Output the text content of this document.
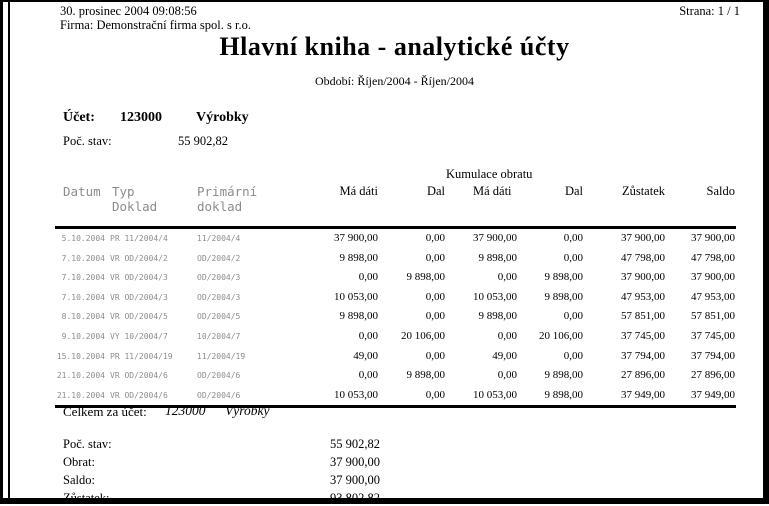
30. prosinec 2004 09:08:56	Strana: 1 / 1
Firma: Demonstrační firma spol. s r.o.
Hlavní kniha - analytické účty
Období: Říjen/2004 - Říjen/2004
Účet: 123000 Výrobky
Poč. stav:	55 902,82
					Kumulace obratu			
Datum	Typ Doklad	Primární doklad	Má dáti	Dal	Má dáti	Dal	Zůstatek	Saldo
5.10.2004	PR 11/2004/4	11/2004/4	37 900,00	0,00	37 900,00	0,00	37 900,00	37 900,00
7.10.2004	VR OD/2004/2	OD/2004/2	9 898,00	0,00	9 898,00	0,00	47 798,00	47 798,00
7.10.2004	VR OD/2004/3	OD/2004/3	0,00	9 898,00	0,00	9 898,00	37 900,00	37 900,00
7.10.2004	VR OD/2004/3	OD/2004/3	10 053,00	0,00	10 053,00	9 898,00	47 953,00	47 953,00
8.10.2004	VR OD/2004/5	OD/2004/5	9 898,00	0,00	9 898,00	0,00	57 851,00	57 851,00
9.10.2004	VY 10/2004/7	10/2004/7	0,00	20 106,00	0,00	20 106,00	37 745,00	37 745,00
15.10.2004	PR 11/2004/19	11/2004/19	49,00	0,00	49,00	0,00	37 794,00	37 794,00
21.10.2004	VR OD/2004/6	OD/2004/6	0,00	9 898,00	0,00	9 898,00	27 896,00	27 896,00
21.10.2004	VR OD/2004/6	OD/2004/6	10 053,00	0,00	10 053,00	9 898,00	37 949,00	37 949,00
Celkem za účet: 123000 Výrobky
Poč. stav:	55 902,82
Obrat:	37 900,00
Saldo:	37 900,00
Zůstatek:	93 802,82
